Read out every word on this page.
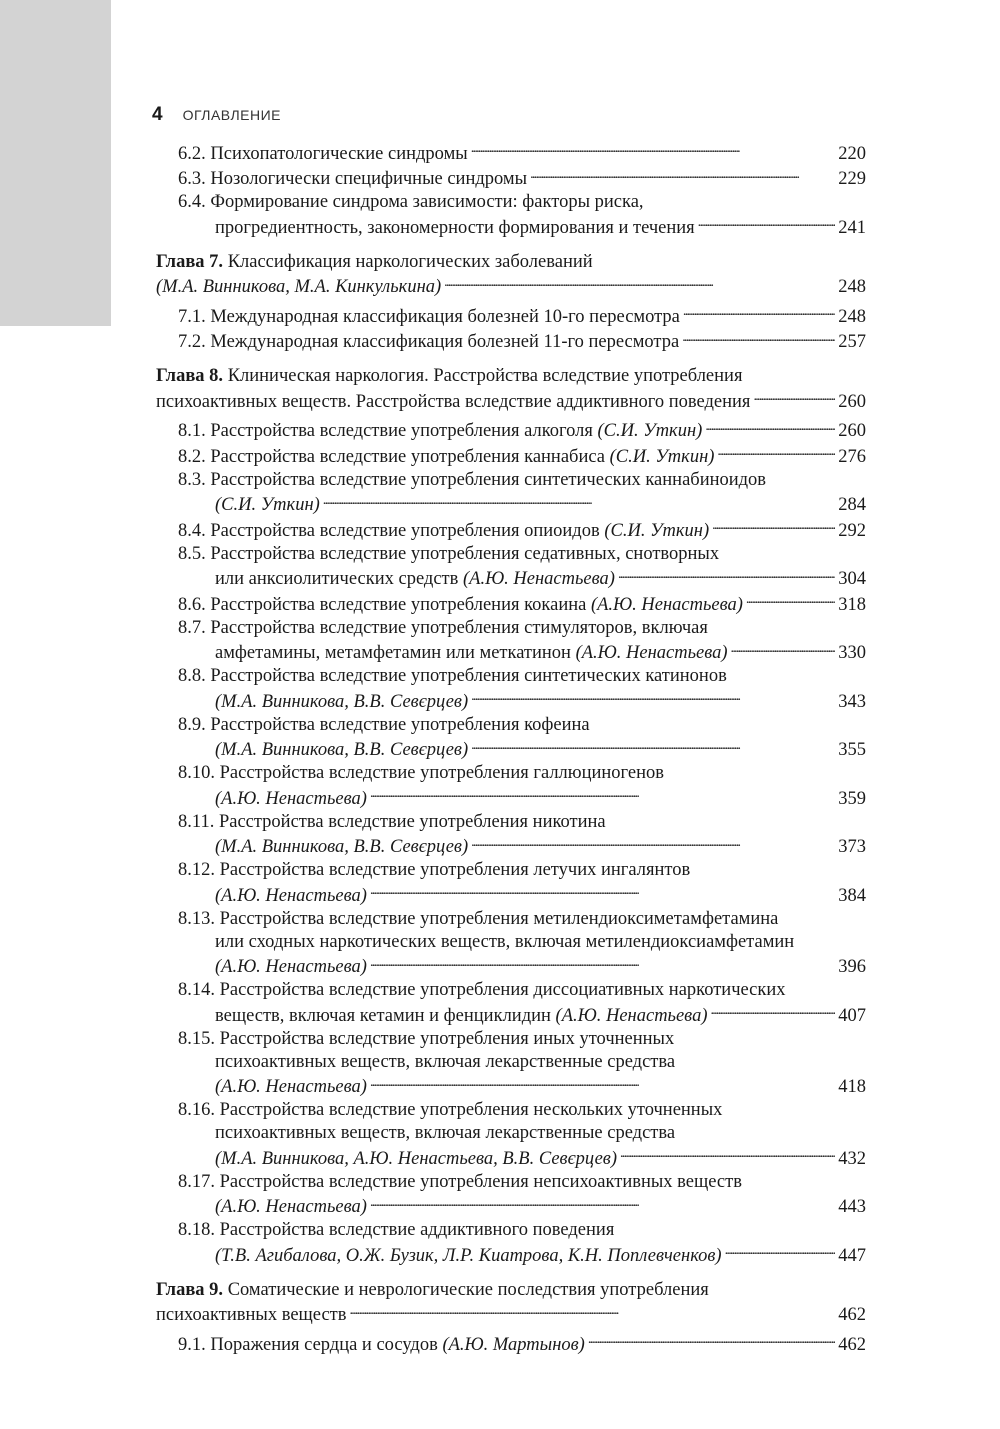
4 ОГЛАВЛЕНИЕ
6.2. Психопатологические синдромы . . .	220
6.3. Нозологически специфичные синдромы . . .	229
6.4. Формирование синдрома зависимости: факторы риска,
прогредиентность, закономерности формирования и течения . . .	241
Глава 7.
Классификация наркологических заболеваний
(М.А. Винникова, М.А. Кинкулькина) . . .	248
7.1. Международная классификация болезней 10-го пересмотра . . .	248
7.2. Международная классификация болезней 11-го пересмотра . . .	257
Глава 8.
Клиническая наркология. Расстройства вследствие употребления
психоактивных веществ. Расстройства вследствие аддиктивного поведения . . .	260
8.1. Расстройства вследствие употребления алкоголя (С.И. Уткин) . . .	260
8.2. Расстройства вследствие употребления каннабиса (С.И. Уткин) . . .	276
8.3. Расстройства вследствие употребления синтетических каннабиноидов
(С.И. Уткин) . . .	284
8.4. Расстройства вследствие употребления опиоидов (С.И. Уткин) . . .	292
8.5. Расстройства вследствие употребления седативных, снотворных
или анксиолитических средств (А.Ю. Ненастьева) . . .	304
8.6. Расстройства вследствие употребления кокаина (А.Ю. Ненастьева) . . .	318
8.7. Расстройства вследствие употребления стимуляторов, включая
амфетамины, метамфетамин или меткатинон (А.Ю. Ненастьева) . . .	330
8.8. Расстройства вследствие употребления синтетических катинонов
(М.А. Винникова, В.В. Севєрцев) . . .	343
8.9. Расстройства вследствие употребления кофеина
(М.А. Винникова, В.В. Севєрцев) . . .	355
8.10. Расстройства вследствие употребления галлюциногенов
(А.Ю. Ненастьева) . . .	359
8.11. Расстройства вследствие употребления никотина
(М.А. Винникова, В.В. Севєрцев) . . .	373
8.12. Расстройства вследствие употребления летучих ингалянтов
(А.Ю. Ненастьева) . . .	384
8.13. Расстройства вследствие употребления метилендиоксиметамфетамина
или сходных наркотических веществ, включая метилендиоксиамфетамин
(А.Ю. Ненастьева) . . .	396
8.14. Расстройства вследствие употребления диссоциативных наркотических
веществ, включая кетамин и фенциклидин (А.Ю. Ненастьева) . . .	407
8.15. Расстройства вследствие употребления иных уточненных
психоактивных веществ, включая лекарственные средства
(А.Ю. Ненастьева) . . .	418
8.16. Расстройства вследствие употребления нескольких уточненных
психоактивных веществ, включая лекарственные средства
(М.А. Винникова, А.Ю. Ненастьева, В.В. Севєрцев) . . .	432
8.17. Расстройства вследствие употребления непсихоактивных веществ
(А.Ю. Ненастьева) . . .	443
8.18. Расстройства вследствие аддиктивного поведения
(Т.В. Агибалова, О.Ж. Бузик, Л.Р. Киатрова, К.Н. Поплевченков) . . .	447
Глава 9.
Соматические и неврологические последствия употребления
психоактивных веществ . . .	462
9.1. Поражения сердца и сосудов (А.Ю. Мартынов) . . .	462
